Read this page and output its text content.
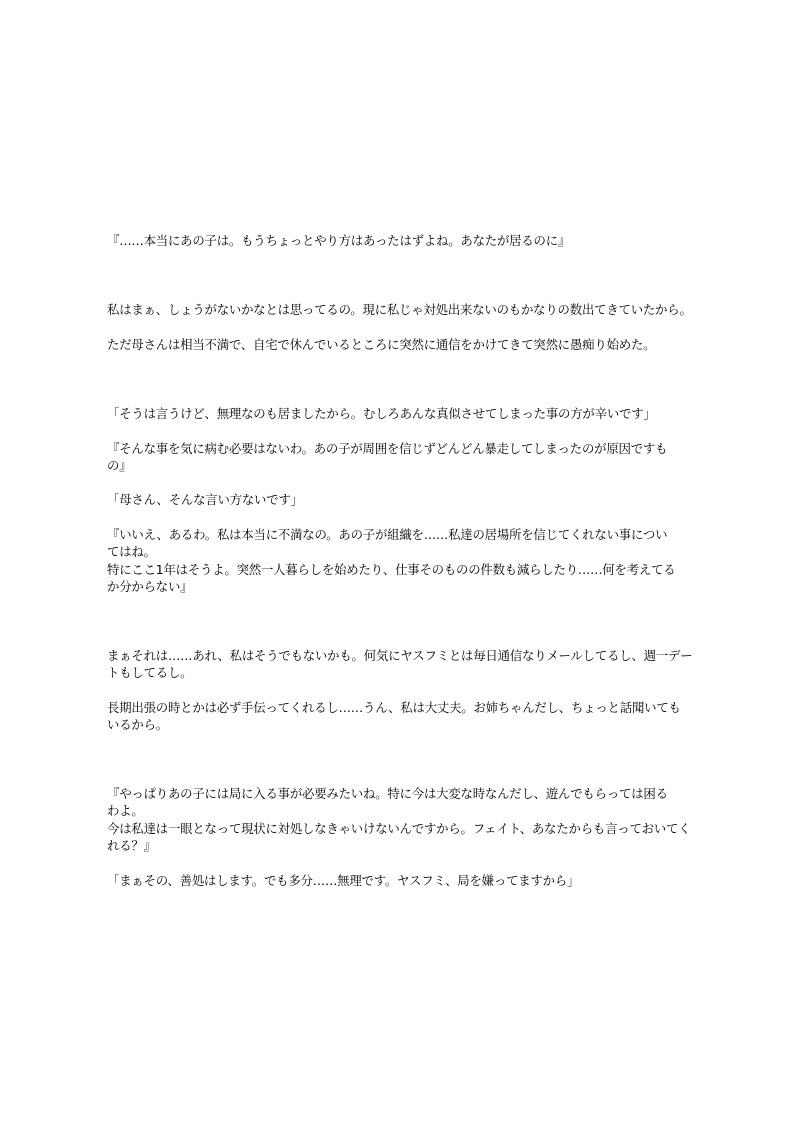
『……本当にあの子は。もうちょっとやり方はあったはずよね。あなたが居るのに』
私はまぁ、しょうがないかなとは思ってるの。現に私じゃ対処出来ないのもかなりの数出てきていたから。
ただ母さんは相当不満で、自宅で休んでいるところに突然に通信をかけてきて突然に愚痴り始めた。
「そうは言うけど、無理なのも居ましたから。むしろあんな真似させてしまった事の方が辛いです」
『そんな事を気に病む必要はないわ。あの子が周囲を信じずどんどん暴走してしまったのが原因ですも
の』
「母さん、そんな言い方ないです」
『いいえ、あるわ。私は本当に不満なの。あの子が組織を……私達の居場所を信じてくれない事につい
てはね。
特にここ1年はそうよ。突然一人暮らしを始めたり、仕事そのものの件数も減らしたり……何を考えてる
か分からない』
まぁそれは……あれ、私はそうでもないかも。何気にヤスフミとは毎日通信なりメールしてるし、週一デー
トもしてるし。
長期出張の時とかは必ず手伝ってくれるし……うん、私は大丈夫。お姉ちゃんだし、ちょっと話聞いても
いるから。
『やっぱりあの子には局に入る事が必要みたいね。特に今は大変な時なんだし、遊んでもらっては困る
わよ。
今は私達は一眼となって現状に対処しなきゃいけないんですから。フェイト、あなたからも言っておいてく
れる？』
「まぁその、善処はします。でも多分……無理です。ヤスフミ、局を嫌ってますから」
